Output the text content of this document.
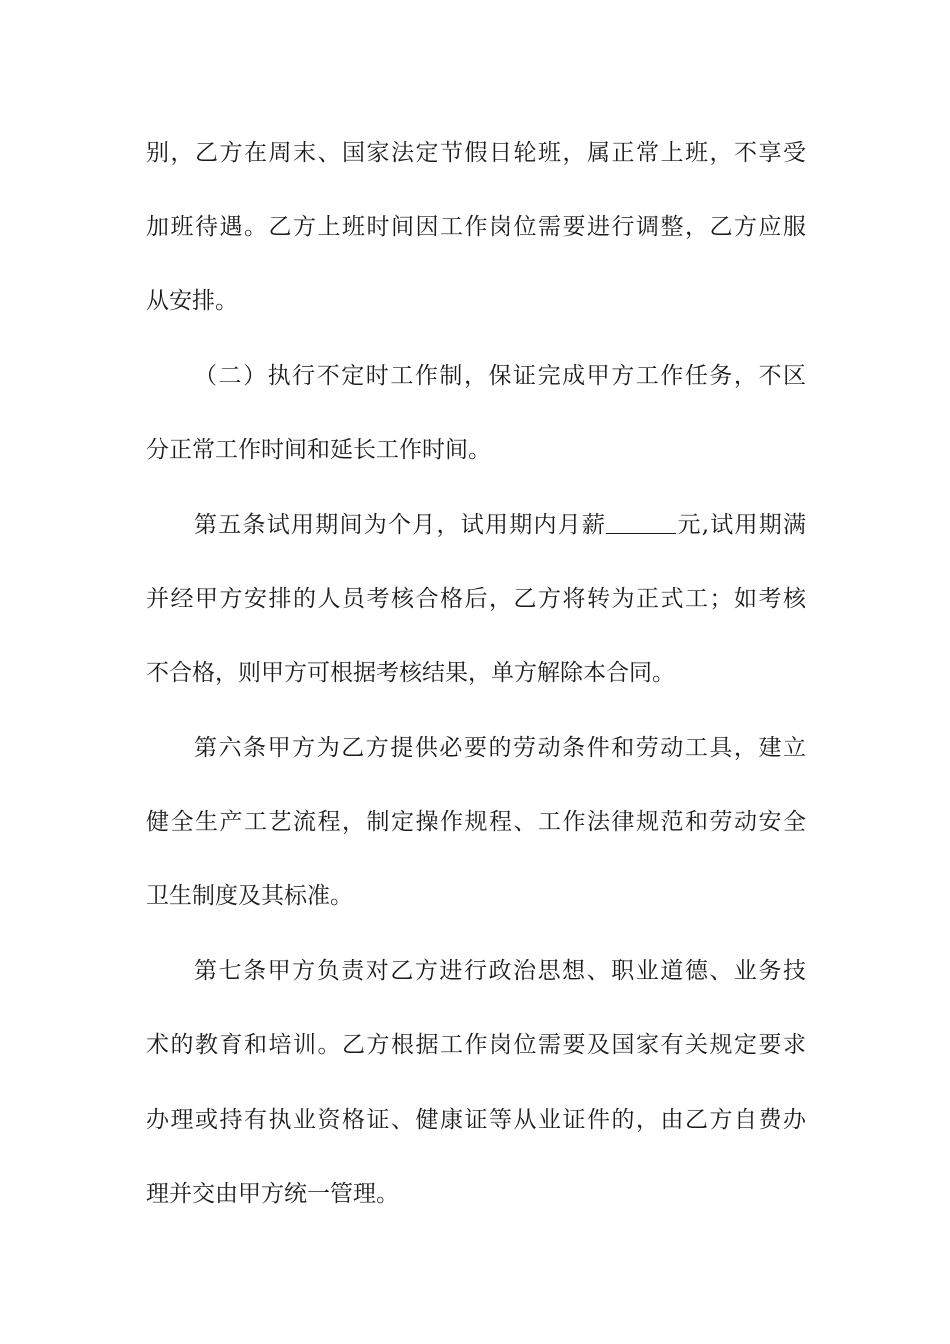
别，乙方在周末、国家法定节假日轮班，属正常上班，不享受
加班待遇。乙方上班时间因工作岗位需要进行调整，乙方应服
从安排。
（二）执行不定时工作制，保证完成甲方工作任务，不区
分正常工作时间和延长工作时间。
第五条试用期间为个月，试用期内月薪	元,试用期满
并经甲方安排的人员考核合格后，乙方将转为正式工；如考核
不合格，则甲方可根据考核结果，单方解除本合同。
第六条甲方为乙方提供必要的劳动条件和劳动工具，建立
健全生产工艺流程，制定操作规程、工作法律规范和劳动安全
卫生制度及其标准。
第七条甲方负责对乙方进行政治思想、职业道德、业务技
术的教育和培训。乙方根据工作岗位需要及国家有关规定要求
办理或持有执业资格证、健康证等从业证件的，由乙方自费办
理并交由甲方统一管理。
